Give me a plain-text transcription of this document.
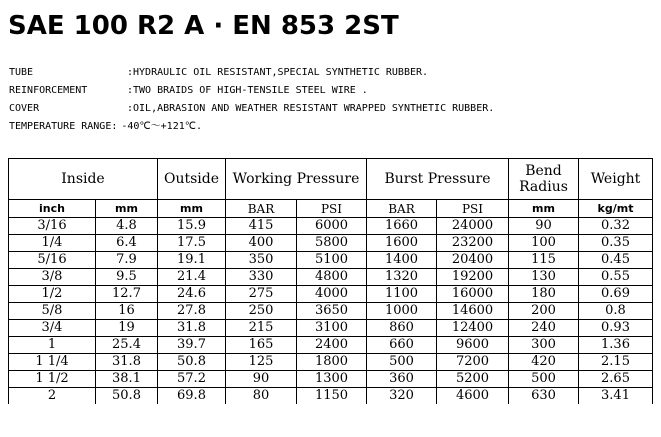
SAE 100 R2 A · EN 853 2ST
TUBE	:HYDRAULIC OIL RESISTANT,SPECIAL SYNTHETIC RUBBER.
REINFORCEMENT	:TWO BRAIDS OF HIGH-TENSILE STEEL WIRE .
COVER	:OIL,ABRASION AND WEATHER RESISTANT WRAPPED SYNTHETIC RUBBER.
TEMPERATURE RANGE: -40℃～+121℃.
Inside		Outside	Working Pressure		Burst Pressure		Bend Radius	Weight
inch	mm	mm	BAR	PSI	BAR	PSI	mm	kg/mt
3/16	4.8	15.9	415	6000	1660	24000	90	0.32
1/4	6.4	17.5	400	5800	1600	23200	100	0.35
5/16	7.9	19.1	350	5100	1400	20400	115	0.45
3/8	9.5	21.4	330	4800	1320	19200	130	0.55
1/2	12.7	24.6	275	4000	1100	16000	180	0.69
5/8	16	27.8	250	3650	1000	14600	200	0.8
3/4	19	31.8	215	3100	860	12400	240	0.93
1	25.4	39.7	165	2400	660	9600	300	1.36
1 1/4	31.8	50.8	125	1800	500	7200	420	2.15
1 1/2	38.1	57.2	90	1300	360	5200	500	2.65
2	50.8	69.8	80	1150	320	4600	630	3.41
